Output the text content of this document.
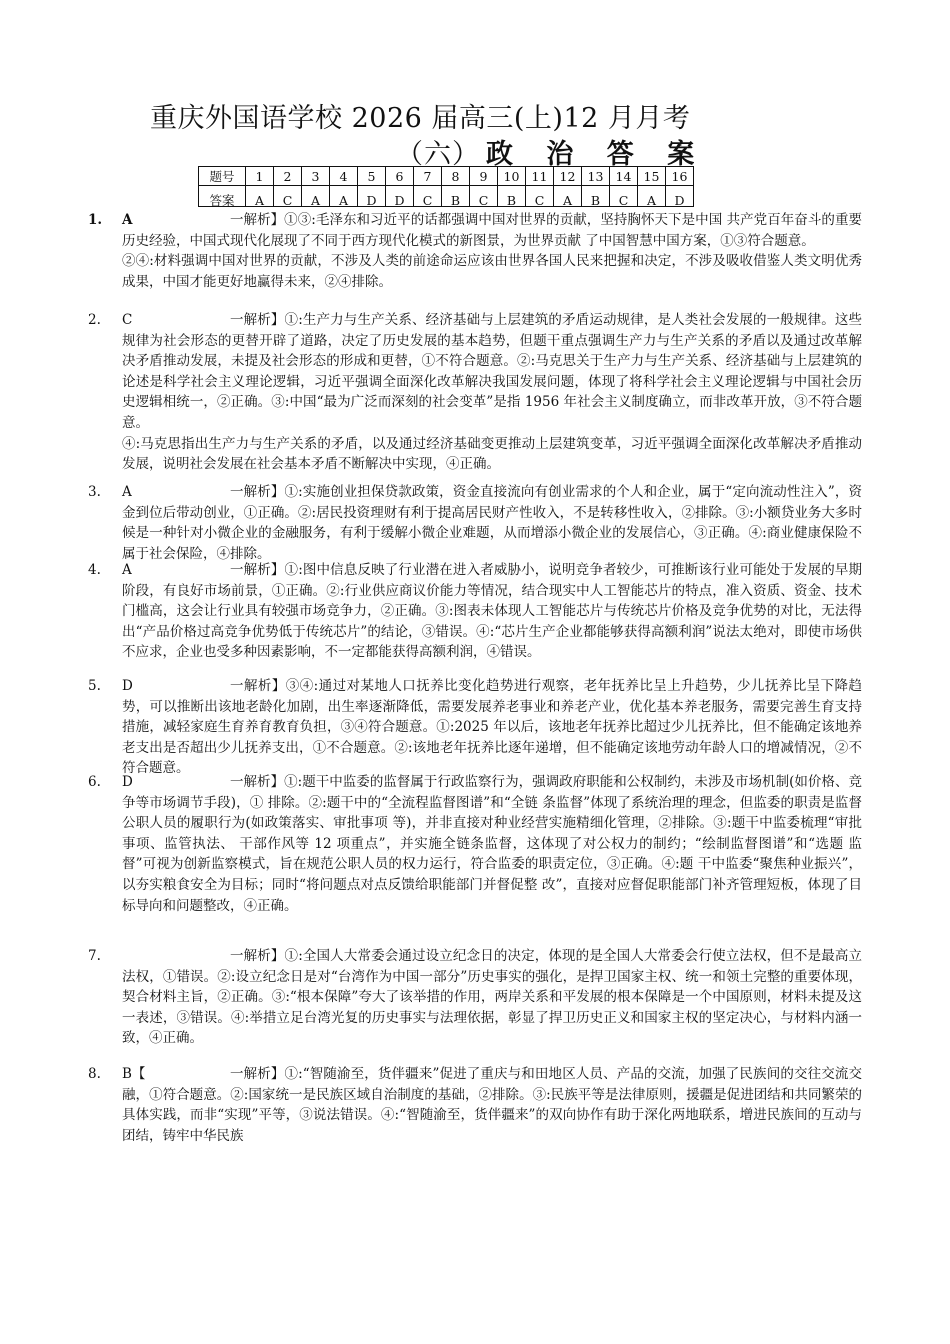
重庆外国语学校 2026 届高三(上)12 月月考
（六） 政 治 答 案
题号	1	2	3	4	5	6	7	8	9	10	11	12	13	14	15	16
答案	A	C	A	A	D	D	C	B	C	B	C	A	B	C	A	D
1. A	一解析】①③:毛泽东和习近平的话都强调中国对世界的贡献，坚持胸怀天下是中国 共产党百年奋斗的重要历史经验，中国式现代化展现了不同于西方现代化模式的新图景，为世界贡献 了中国智慧中国方案，①③符合题意。

②④:材料强调中国对世界的贡献，不涉及人类的前途命运应该由世界各国人民来把握和决定，不涉及吸收借鉴人类文明优秀成果，中国才能更好地赢得未来，②④排除。

2. C	一解析】①:生产力与生产关系、经济基础与上层建筑的矛盾运动规律，是人类社会发展的一般规律。这些规律为社会形态的更替开辟了道路，决定了历史发展的基本趋势，但题干重点强调生产力与生产关系的矛盾以及通过改革解决矛盾推动发展，未提及社会形态的形成和更替，①不符合题意。②:马克思关于生产力与生产关系、经济基础与上层建筑的论述是科学社会主义理论逻辑，习近平强调全面深化改革解决我国发展问题，体现了将科学社会主义理论逻辑与中国社会历史逻辑相统一，②正确。③:中国“最为广泛而深刻的社会变革”是指 1956 年社会主义制度确立，而非改革开放，③不符合题意。

④:马克思指出生产力与生产关系的矛盾，以及通过经济基础变更推动上层建筑变革，习近平强调全面深化改革解决矛盾推动发展，说明社会发展在社会基本矛盾不断解决中实现，④正确。

3. A	一解析】①:实施创业担保贷款政策，资金直接流向有创业需求的个人和企业，属于“定向流动性注入”，资金到位后带动创业，①正确。②:居民投资理财有利于提高居民财产性收入，不是转移性收入，②排除。③:小额贷业务大多时候是一种针对小微企业的金融服务，有利于缓解小微企业难题，从而增添小微企业的发展信心，③正确。④:商业健康保险不属于社会保险，④排除。

4. A	一解析】①:图中信息反映了行业潜在进入者威胁小，说明竞争者较少，可推断该行业可能处于发展的早期阶段，有良好市场前景，①正确。②:行业供应商议价能力等情况，结合现实中人工智能芯片的特点，准入资质、资金、技术门槛高，这会让行业具有较强市场竞争力，②正确。③:图表未体现人工智能芯片与传统芯片价格及竞争优势的对比，无法得出“产品价格过高竞争优势低于传统芯片”的结论，③错误。④:“芯片生产企业都能够获得高额利润”说法太绝对，即使市场供不应求，企业也受多种因素影响，不一定都能获得高额利润，④错误。

5. D	一解析】③④:通过对某地人口抚养比变化趋势进行观察，老年抚养比呈上升趋势，少儿抚养比呈下降趋势，可以推断出该地老龄化加剧，出生率逐渐降低，需要发展养老事业和养老产业，优化基本养老服务，需要完善生育支持措施，减轻家庭生育养育教育负担，③④符合题意。①:2025 年以后，该地老年抚养比超过少儿抚养比，但不能确定该地养老支出是否超出少儿抚养支出，①不合题意。②:该地老年抚养比逐年递增，但不能确定该地劳动年龄人口的增减情况，②不符合题意。

6. D	一解析】①:题干中监委的监督属于行政监察行为，强调政府职能和公权制约，未涉及市场机制(如价格、竞争等市场调节手段)，① 排除。②:题干中的“全流程监督图谱”和“全链 条监督”体现了系统治理的理念，但监委的职责是监督公职人员的履职行为(如政策落实、审批事项 等)，并非直接对种业经营实施精细化管理，②排除。③:题干中监委梳理“审批事项、监管执法、 干部作风等 12 项重点”，并实施全链条监督，这体现了对公权力的制约；“绘制监督图谱”和“选题 监督”可视为创新监察模式，旨在规范公职人员的权力运行，符合监委的职责定位，③正确。④:题 干中监委“聚焦种业振兴”，以夯实粮食安全为目标；同时“将问题点对点反馈给职能部门并督促整 改”，直接对应督促职能部门补齐管理短板，体现了目标导向和问题整改，④正确。

7.	一解析】①:全国人大常委会通过设立纪念日的决定，体现的是全国人大常委会行使立法权，但不是最高立法权，①错误。②:设立纪念日是对“台湾作为中国一部分”历史事实的强化，是捍卫国家主权、统一和领土完整的重要体现，契合材料主旨，②正确。③:“根本保障”夸大了该举措的作用，两岸关系和平发展的根本保障是一个中国原则，材料未提及这一表述，③错误。④:举措立足台湾光复的历史事实与法理依据，彰显了捍卫历史正义和国家主权的坚定决心，与材料内涵一致，④正确。

8. B【	一解析】①:“智随渝至，货伴疆来”促进了重庆与和田地区人员、产品的交流，加强了民族间的交往交流交融，①符合题意。②:国家统一是民族区域自治制度的基础，②排除。③:民族平等是法律原则，援疆是促进团结和共同繁荣的具体实践，而非“实现”平等，③说法错误。④:“智随渝至，货伴疆来”的双向协作有助于深化两地联系，增进民族间的互动与团结，铸牢中华民族
